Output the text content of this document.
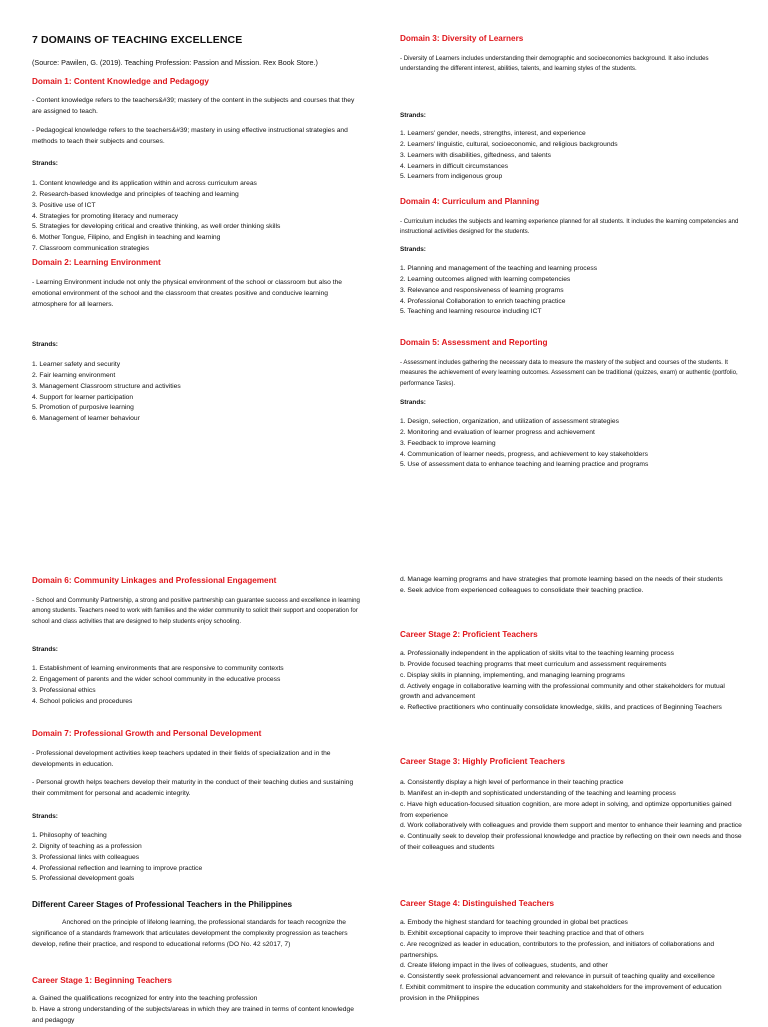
7 DOMAINS OF TEACHING EXCELLENCE

(Source: Pawilen, G. (2019). Teaching Profession: Passion and Mission. Rex Book Store.)

Domain 1: Content Knowledge and Pedagogy

- Content knowledge refers to the teachers&#39; mastery of the content in the subjects and courses that they are assigned to teach.

- Pedagogical knowledge refers to the teachers&#39; mastery in using effective instructional strategies and methods to teach their subjects and courses.

Strands:

1. Content knowledge and its application within and across curriculum areas
2. Research-based knowledge and principles of teaching and learning
3. Positive use of ICT
4. Strategies for promoting literacy and numeracy
5. Strategies for developing critical and creative thinking, as well order thinking skills
6. Mother Tongue, Filipino, and English in teaching and learning
7. Classroom communication strategies
Domain 2: Learning Environment

- Learning Environment include not only the physical environment of the school or classroom but also the emotional environment of the school and the classroom that creates positive and conducive learning atmosphere for all learners.

Strands:

1. Learner safety and security
2. Fair learning environment
3. Management Classroom structure and activities
4. Support for learner participation
5. Promotion of purposive learning
6. Management of learner behaviour
Domain 3: Diversity of Learners

- Diversity of Learners includes understanding their demographic and socioeconomics background. It also includes understanding the different interest, abilities, talents, and learning styles of the students.

Strands:

1. Learners' gender, needs, strengths, interest, and experience
2. Learners' linguistic, cultural, socioeconomic, and religious backgrounds
3. Learners with disabilities, giftedness, and talents
4. Learners in difficult circumstances
5. Learners from indigenous group
Domain 4: Curriculum and Planning

- Curriculum includes the subjects and learning experience planned for all students. It includes the learning competencies and instructional activities designed for the students.

Strands:

1. Planning and management of the teaching and learning process
2. Learning outcomes aligned with learning competencies
3. Relevance and responsiveness of learning programs
4. Professional Collaboration to enrich teaching practice
5. Teaching and learning resource including ICT
Domain 5: Assessment and Reporting

- Assessment includes gathering the necessary data to measure the mastery of the subject and courses of the students. It measures the achievement of every learning outcomes. Assessment can be traditional (quizzes, exam) or authentic (portfolio, performance Tasks).

Strands:

1. Design, selection, organization, and utilization of assessment strategies
2. Monitoring and evaluation of learner progress and achievement
3. Feedback to improve learning
4. Communication of learner needs, progress, and achievement to key stakeholders
5. Use of assessment data to enhance teaching and learning practice and programs
Domain 6: Community Linkages and Professional Engagement

- School and Community Partnership, a strong and positive partnership can guarantee success and excellence in learning among students. Teachers need to work with families and the wider community to solicit their support and cooperation for school and class activities that are designed to help students enjoy schooling.

Strands:

1. Establishment of learning environments that are responsive to community contexts
2. Engagement of parents and the wider school community in the educative process
3. Professional ethics
4. School policies and procedures
Domain 7: Professional Growth and Personal Development

- Professional development activities keep teachers updated in their fields of specialization and in the developments in education.

- Personal growth helps teachers develop their maturity in the conduct of their teaching duties and sustaining their commitment for personal and academic integrity.

Strands:

1. Philosophy of teaching
2. Dignity of teaching as a profession
3. Professional links with colleagues
4. Professional reflection and learning to improve practice
5. Professional development goals
Different Career Stages of Professional Teachers in the Philippines

Anchored on the principle of lifelong learning, the professional standards for teach recognize the significance of a standards framework that articulates development the complexity progression as teachers develop, refine their practice, and respond to educational reforms (DO No. 42 s2017, 7)

Career Stage 1: Beginning Teachers
a. Gained the qualifications recognized for entry into the teaching profession
b. Have a strong understanding of the subjects/areas in which they are trained in terms of content knowledge and pedagogy
d. Manage learning programs and have strategies that promote learning based on the needs of their students
e. Seek advice from experienced colleagues to consolidate their teaching practice.
Career Stage 2: Proficient Teachers
a. Professionally independent in the application of skills vital to the teaching learning process
b. Provide focused teaching programs that meet curriculum and assessment requirements
c. Display skills in planning, implementing, and managing learning programs
d. Actively engage in collaborative learning with the professional community and other stakeholders for mutual growth and advancement
e. Reflective practitioners who continually consolidate knowledge, skills, and practices of Beginning Teachers
Career Stage 3: Highly Proficient Teachers
a. Consistently display a high level of performance in their teaching practice
b. Manifest an in-depth and sophisticated understanding of the teaching and learning process
c. Have high education-focused situation cognition, are more adept in solving, and optimize opportunities gained from experience
d. Work collaboratively with colleagues and provide them support and mentor to enhance their learning and practice
e. Continually seek to develop their professional knowledge and practice by reflecting on their own needs and those of their colleagues and students
Career Stage 4: Distinguished Teachers
a. Embody the highest standard for teaching grounded in global bet practices
b. Exhibit exceptional capacity to improve their teaching practice and that of others
c. Are recognized as leader in education, contributors to the profession, and initiators of collaborations and partnerships.
d. Create lifelong impact in the lives of colleagues, students, and other
e. Consistently seek professional advancement and relevance in pursuit of teaching quality and excellence
f. Exhibit commitment to inspire the education community and stakeholders for the improvement of education provision in the Philippines
